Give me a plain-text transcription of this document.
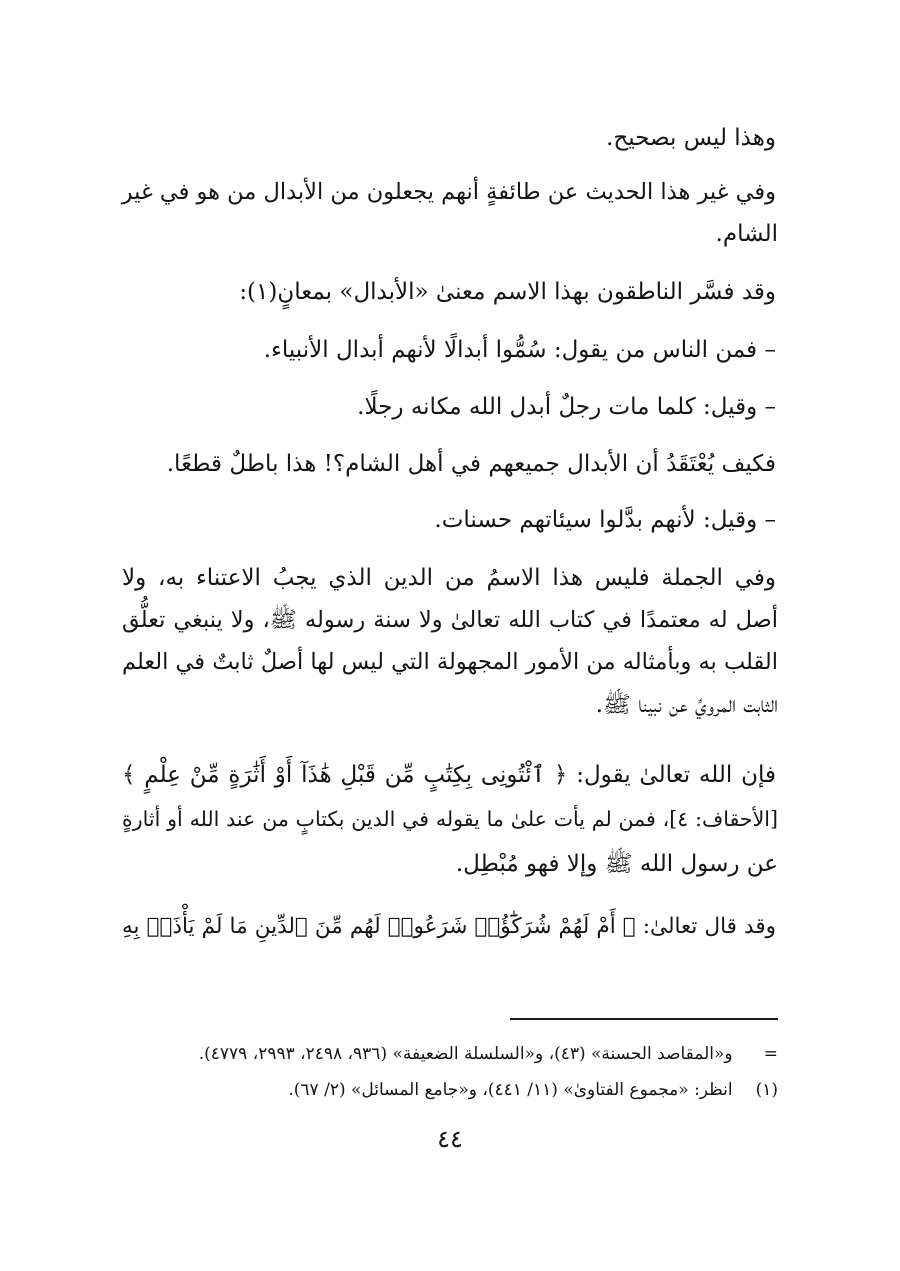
وهذا ليس بصحيح.
وفي غير هذا الحديث عن طائفةٍ أنهم يجعلون من الأبدال من هو في غير
الشام.
وقد فسَّر الناطقون بهذا الاسم معنىٰ «الأبدال» بمعانٍ(١):
– فمن الناس من يقول: سُمُّوا أبدالًا لأنهم أبدال الأنبياء.
– وقيل: كلما مات رجلٌ أبدل الله مكانه رجلًا.
فكيف يُعْتَقَدُ أن الأبدال جميعهم في أهل الشام؟! هذا باطلٌ قطعًا.
– وقيل: لأنهم بدَّلوا سيئاتهم حسنات.
وفي الجملة فليس هذا الاسمُ من الدين الذي يجبُ الاعتناء به، ولا
أصل له معتمدًا في كتاب الله تعالىٰ ولا سنة رسوله ﷺ، ولا ينبغي تعلُّق
القلب به وبأمثاله من الأمور المجهولة التي ليس لها أصلٌ ثابتٌ في العلم
الثابت المرويِّ عن نبينا ﷺ.
فإن الله تعالىٰ يقول: ﴿ ٱئْتُونِى بِكِتَٰبٍ مِّن قَبْلِ هَٰذَآ أَوْ أَثَٰرَةٍ مِّنْ عِلْمٍ ﴾
[الأحقاف: ٤]، فمن لم يأت علىٰ ما يقوله في الدين بكتابٍ من عند الله أو أثارةٍ
عن رسول الله ﷺ وإلا فهو مُبْطِل.
وقد قال تعالىٰ: ﴿ أَمْ لَهُمْ شُرَكَٰٓؤُا۟ شَرَعُوا۟ لَهُم مِّنَ ٱلدِّينِ مَا لَمْ يَأْذَنۢ بِهِ
= و«المقاصد الحسنة» (٤٣)، و«السلسلة الضعيفة» (٩٣٦، ٢٤٩٨، ٢٩٩٣، ٤٧٧٩).
(١) انظر: «مجموع الفتاوىٰ» (١١/ ٤٤١)، و«جامع المسائل» (٢/ ٦٧).
٤٤
